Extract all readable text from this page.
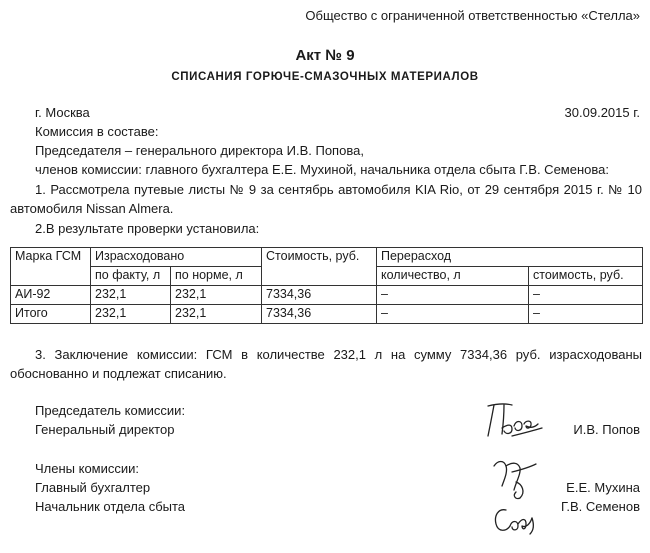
Общество с ограниченной ответственностью «Стелла»
Акт № 9
СПИСАНИЯ ГОРЮЧЕ-СМАЗОЧНЫХ МАТЕРИАЛОВ
г. Москва	30.09.2015 г.
Комиссия в составе:
Председателя – генерального директора И.В. Попова,
членов комиссии: главного бухгалтера Е.Е. Мухиной, начальника отдела сбыта Г.В. Семенова:
1. Рассмотрела путевые листы № 9 за сентябрь автомобиля KIA Rio, от 29 сентября 2015 г. № 10 автомобиля Nissan Almera.
2.В результате проверки установила:
Марка ГСМ	Израсходовано		Стоимость, руб.	Перерасход	
	по факту, л	по норме, л		количество, л	стоимость, руб.
АИ-92	232,1	232,1	7334,36	–	–
Итого	232,1	232,1	7334,36	–	–
3. Заключение комиссии: ГСМ в количестве 232,1 л на сумму 7334,36 руб. израсходованы обоснованно и подлежат списанию.
Председатель комиссии:
Генеральный директор	И.В. Попов
Члены комиссии:
Главный бухгалтер	Е.Е. Мухина
Начальник отдела сбыта	Г.В. Семенов
